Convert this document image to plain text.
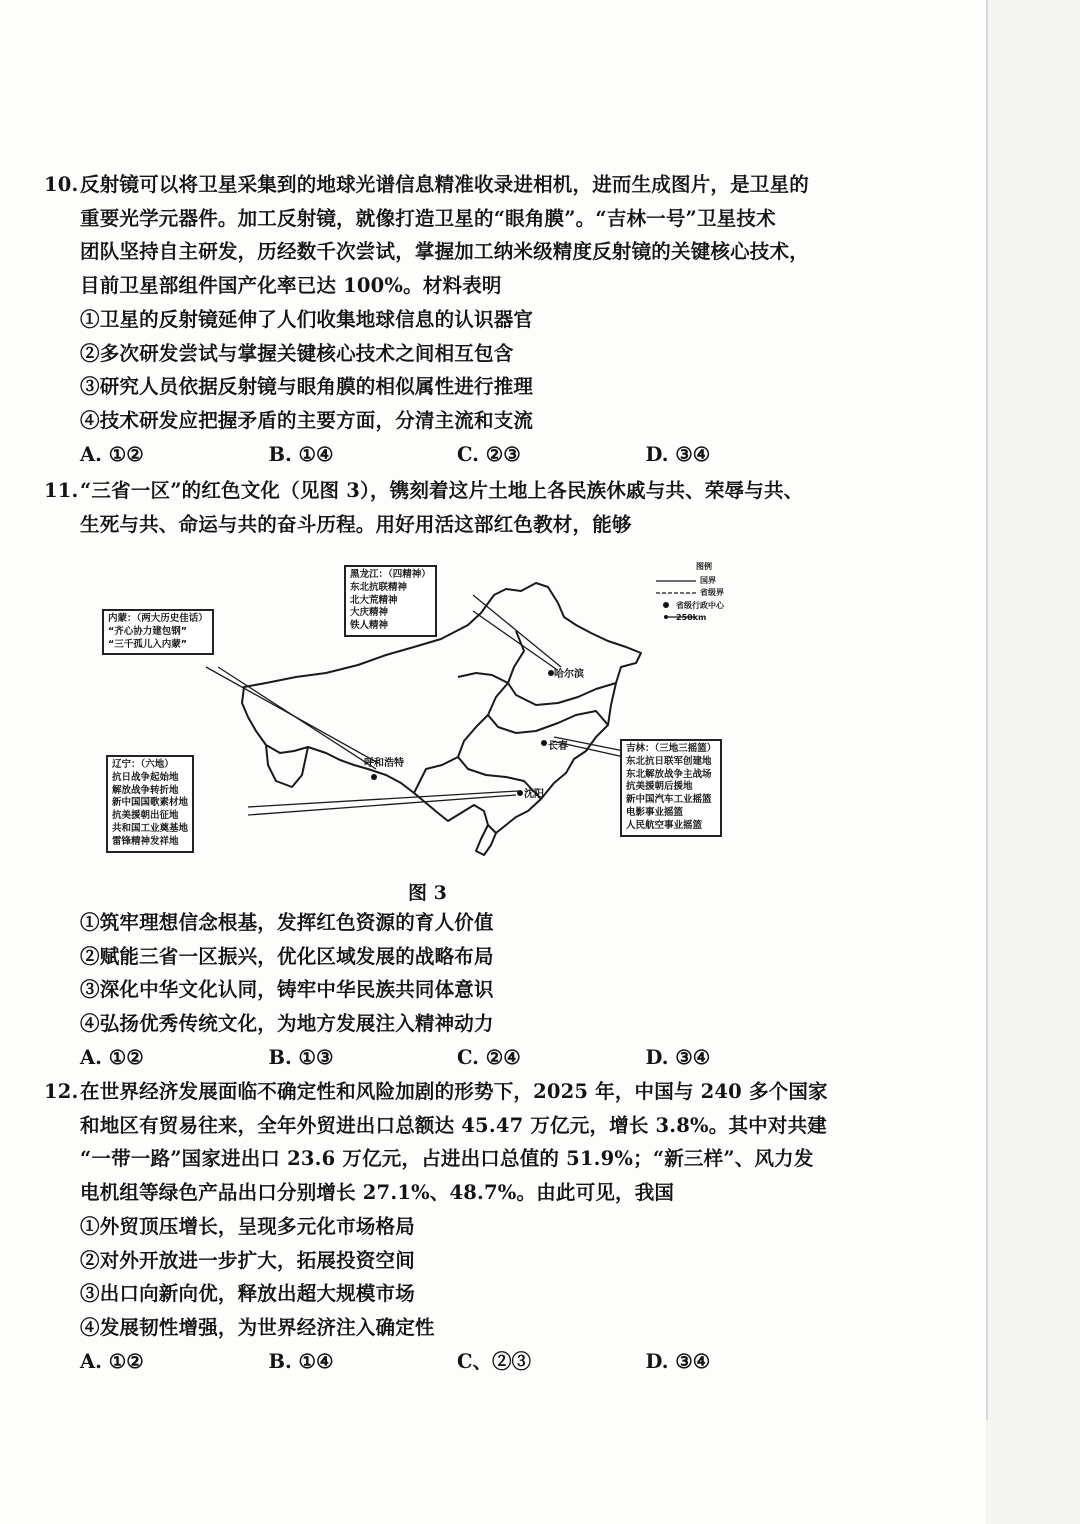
10.反射镜可以将卫星采集到的地球光谱信息精准收录进相机，进而生成图片，是卫星的
重要光学元器件。加工反射镜，就像打造卫星的“眼角膜”。“吉林一号”卫星技术
团队坚持自主研发，历经数千次尝试，掌握加工纳米级精度反射镜的关键核心技术，
目前卫星部组件国产化率已达 100%。材料表明
①卫星的反射镜延伸了人们收集地球信息的认识器官
②多次研发尝试与掌握关键核心技术之间相互包含
③研究人员依据反射镜与眼角膜的相似属性进行推理
④技术研发应把握矛盾的主要方面，分清主流和支流
A. ①②	B. ①④	C. ②③	D. ③④
11.“三省一区”的红色文化（见图 3），镌刻着这片土地上各民族休戚与共、荣辱与共、
生死与共、命运与共的奋斗历程。用好用活这部红色教材，能够
图例
国界
省级界
省级行政中心
250km
哈尔滨
长春
呼和浩特
沈阳
黑龙江：（四精神）
东北抗联精神
北大荒精神
大庆精神
铁人精神
内蒙：（两大历史佳话）
“齐心协力建包钢”
“三千孤儿入内蒙”
辽宁：（六地）
抗日战争起始地
解放战争转折地
新中国国歌素材地
抗美援朝出征地
共和国工业奠基地
雷锋精神发祥地
吉林：（三地三摇篮）
东北抗日联军创建地
东北解放战争主战场
抗美援朝后援地
新中国汽车工业摇篮
电影事业摇篮
人民航空事业摇篮
图 3
①筑牢理想信念根基，发挥红色资源的育人价值
②赋能三省一区振兴，优化区域发展的战略布局
③深化中华文化认同，铸牢中华民族共同体意识
④弘扬优秀传统文化，为地方发展注入精神动力
A. ①②	B. ①③	C. ②④	D. ③④
12.在世界经济发展面临不确定性和风险加剧的形势下，2025 年，中国与 240 多个国家
和地区有贸易往来，全年外贸进出口总额达 45.47 万亿元，增长 3.8%。其中对共建
“一带一路”国家进出口 23.6 万亿元，占进出口总值的 51.9%；“新三样”、风力发
电机组等绿色产品出口分别增长 27.1%、48.7%。由此可见，我国
①外贸顶压增长，呈现多元化市场格局
②对外开放进一步扩大，拓展投资空间
③出口向新向优，释放出超大规模市场
④发展韧性增强，为世界经济注入确定性
A. ①②	B. ①④	C、②③	D. ③④
